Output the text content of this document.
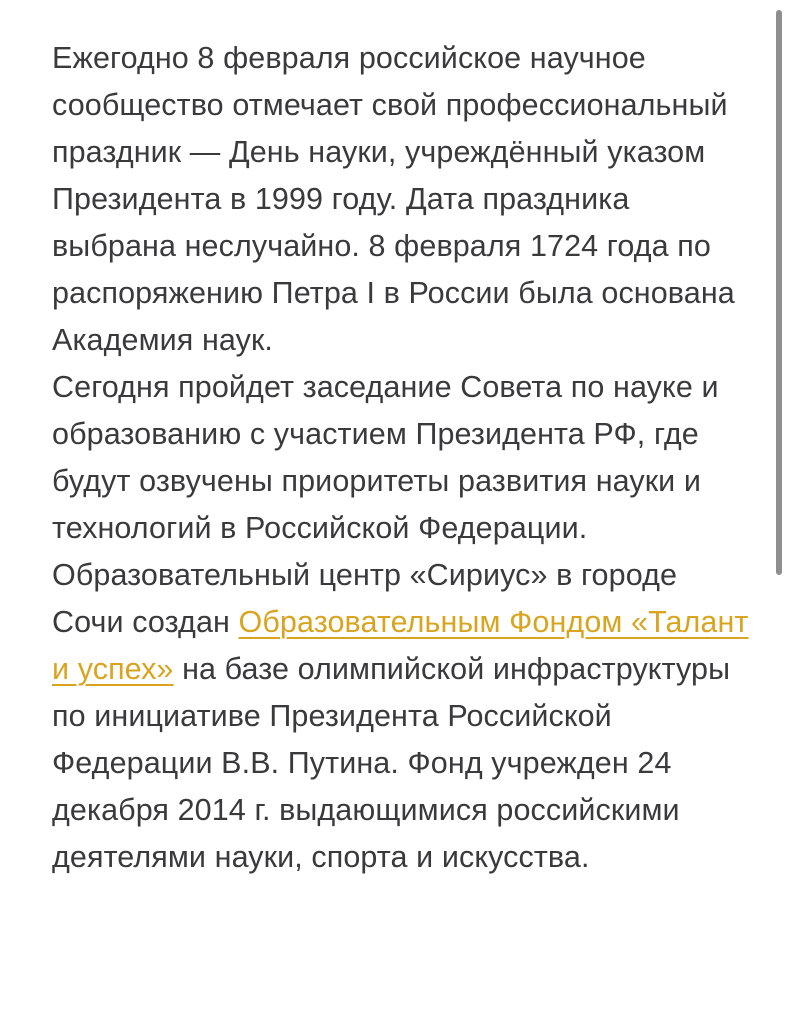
Ежегодно 8 февраля российское научное сообщество отмечает свой профессиональный праздник — День науки, учреждённый указом Президента в 1999 году. Дата праздника выбрана неслучайно. 8 февраля 1724 года по распоряжению Петра I в России была основана Академия наук.

Сегодня пройдет заседание Совета по науке и образованию с участием Президента РФ, где будут озвучены приоритеты развития науки и технологий в Российской Федерации.

Образовательный центр «Сириус» в городе Сочи создан Образовательным Фондом «Талант и успех» на базе олимпийской инфраструктуры по инициативе Президента Российской Федерации В.В. Путина. Фонд учрежден 24 декабря 2014 г. выдающимися российскими деятелями науки, спорта и искусства.
